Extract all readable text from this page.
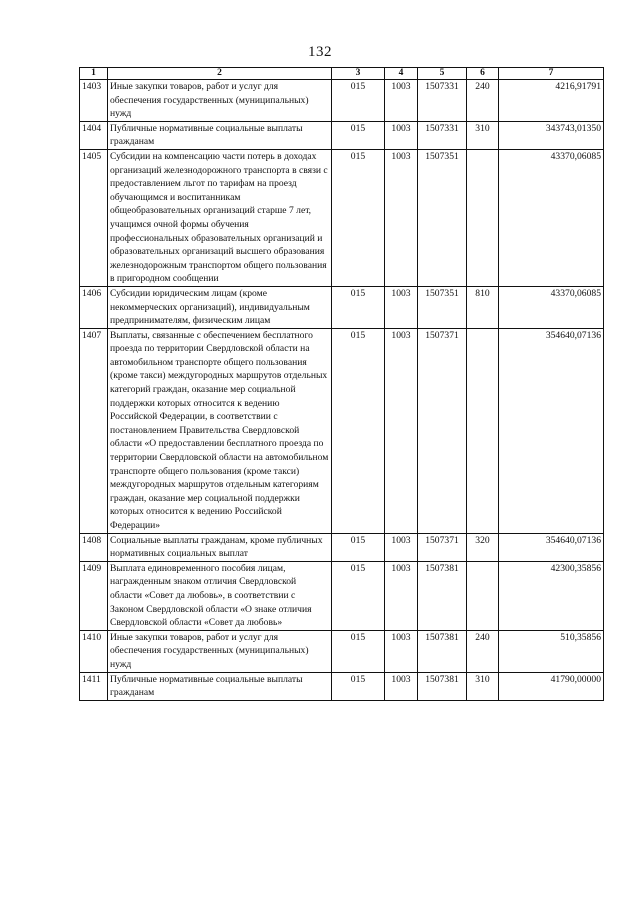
132
1	2	3	4	5	6	7
1403	Иные закупки товаров, работ и услуг для обеспечения государственных (муниципальных) нужд	015	1003	1507331	240	4216,91791
1404	Публичные нормативные социальные выплаты гражданам	015	1003	1507331	310	343743,01350
1405	Субсидии на компенсацию части потерь в доходах организаций железнодорожного транспорта в связи с предоставлением льгот по тарифам на проезд обучающимся и воспитанникам общеобразовательных организаций старше 7 лет, учащимся очной формы обучения профессиональных образовательных организаций и образовательных организаций высшего образования железнодорожным транспортом общего пользования в пригородном сообщении	015	1003	1507351		43370,06085
1406	Субсидии юридическим лицам (кроме некоммерческих организаций), индивидуальным предпринимателям, физическим лицам	015	1003	1507351	810	43370,06085
1407	Выплаты, связанные с обеспечением бесплатного проезда по территории Свердловской области на автомобильном транспорте общего пользования (кроме такси) междугородных маршрутов отдельных категорий граждан, оказание мер социальной поддержки которых относится к ведению Российской Федерации, в соответствии с постановлением Правительства Свердловской области «О предоставлении бесплатного проезда по территории Свердловской области на автомобильном транспорте общего пользования (кроме такси) междугородных маршрутов отдельным категориям граждан, оказание мер социальной поддержки которых относится к ведению Российской Федерации»	015	1003	1507371		354640,07136
1408	Социальные выплаты гражданам, кроме публичных нормативных социальных выплат	015	1003	1507371	320	354640,07136
1409	Выплата единовременного пособия лицам, награжденным знаком отличия Свердловской области «Совет да любовь», в соответствии с Законом Свердловской области «О знаке отличия Свердловской области «Совет да любовь»	015	1003	1507381		42300,35856
1410	Иные закупки товаров, работ и услуг для обеспечения государственных (муниципальных) нужд	015	1003	1507381	240	510,35856
1411	Публичные нормативные социальные выплаты гражданам	015	1003	1507381	310	41790,00000
